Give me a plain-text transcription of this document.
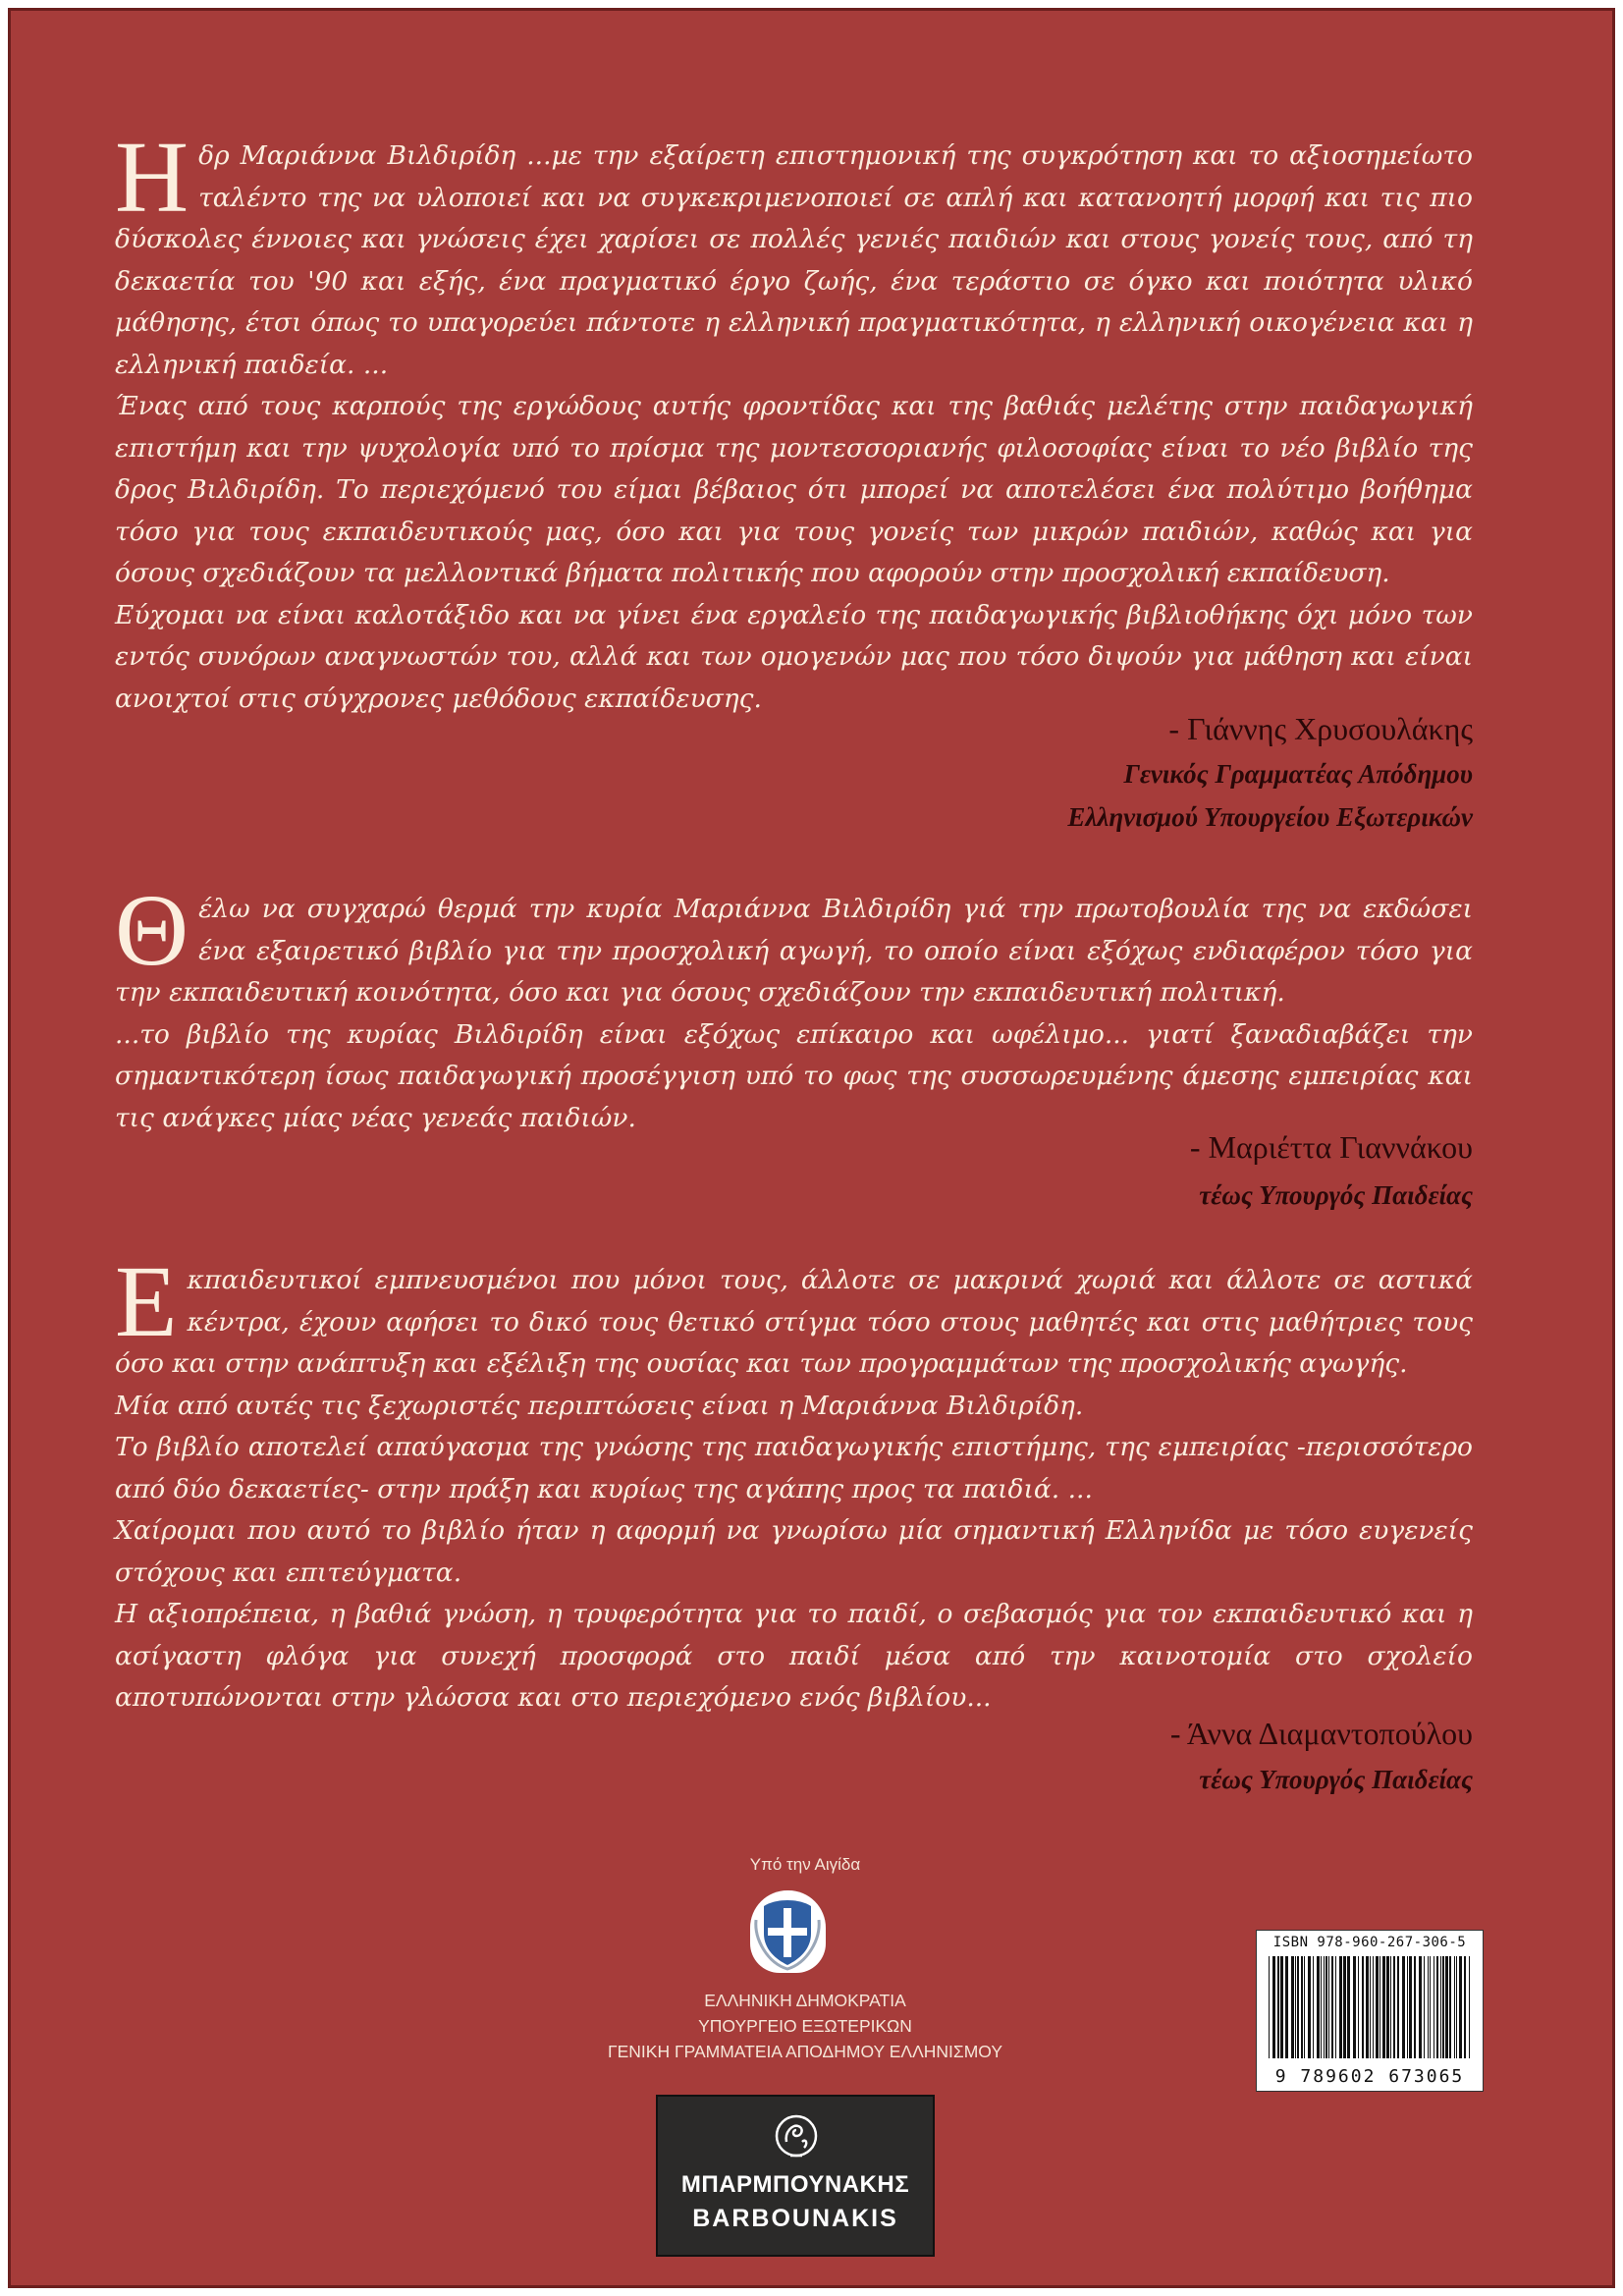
Η δρ Μαριάννα Βιλδιρίδη ...με την εξαίρετη επιστημονική της συγκρότηση και το αξιοσημείωτο ταλέντο της να υλοποιεί και να συγκεκριμενοποιεί σε απλή και κατανοητή μορφή και τις πιο δύσκολες έννοιες και γνώσεις έχει χαρίσει σε πολλές γενιές παιδιών και στους γονείς τους, από τη δεκαετία του '90 και εξής, ένα πραγματικό έργο ζωής, ένα τεράστιο σε όγκο και ποιότητα υλικό μάθησης, έτσι όπως το υπαγορεύει πάντοτε η ελληνική πραγματικότητα, η ελληνική οικογένεια και η ελληνική παιδεία. ...

Ένας από τους καρπούς της εργώδους αυτής φροντίδας και της βαθιάς μελέτης στην παιδαγωγική επιστήμη και την ψυχολογία υπό το πρίσμα της μοντεσσοριανής φιλοσοφίας είναι το νέο βιβλίο της δρος Βιλδιρίδη. Το περιεχόμενό του είμαι βέβαιος ότι μπορεί να αποτελέσει ένα πολύτιμο βοήθημα τόσο για τους εκπαιδευτικούς μας, όσο και για τους γονείς των μικρών παιδιών, καθώς και για όσους σχεδιάζουν τα μελλοντικά βήματα πολιτικής που αφορούν στην προσχολική εκπαίδευση.

Εύχομαι να είναι καλοτάξιδο και να γίνει ένα εργαλείο της παιδαγωγικής βιβλιοθήκης όχι μόνο των εντός συνόρων αναγνωστών του, αλλά και των ομογενών μας που τόσο διψούν για μάθηση και είναι ανοιχτοί στις σύγχρονες μεθόδους εκπαίδευσης.

- Γιάννης Χρυσουλάκης
Γενικός Γραμματέας Απόδημου
Ελληνισμού Υπουργείου Εξωτερικών
Θ έλω να συγχαρώ θερμά την κυρία Μαριάννα Βιλδιρίδη γιά την πρωτοβουλία της να εκδώσει ένα εξαιρετικό βιβλίο για την προσχολική αγωγή, το οποίο είναι εξόχως ενδιαφέρον τόσο για την εκπαιδευτική κοινότητα, όσο και για όσους σχεδιάζουν την εκπαιδευτική πολιτική.

...το βιβλίο της κυρίας Βιλδιρίδη είναι εξόχως επίκαιρο και ωφέλιμο... γιατί ξαναδιαβάζει την σημαντικότερη ίσως παιδαγωγική προσέγγιση υπό το φως της συσσωρευμένης άμεσης εμπειρίας και τις ανάγκες μίας νέας γενεάς παιδιών.

- Μαριέττα Γιαννάκου
τέως Υπουργός Παιδείας
Ε κπαιδευτικοί εμπνευσμένοι που μόνοι τους, άλλοτε σε μακρινά χωριά και άλλοτε σε αστικά κέντρα, έχουν αφήσει το δικό τους θετικό στίγμα τόσο στους μαθητές και στις μαθήτριες τους όσο και στην ανάπτυξη και εξέλιξη της ουσίας και των προγραμμάτων της προσχολικής αγωγής.

Μία από αυτές τις ξεχωριστές περιπτώσεις είναι η Μαριάννα Βιλδιρίδη.

Το βιβλίο αποτελεί απαύγασμα της γνώσης της παιδαγωγικής επιστήμης, της εμπειρίας -περισσότερο από δύο δεκαετίες- στην πράξη και κυρίως της αγάπης προς τα παιδιά. ...

Χαίρομαι που αυτό το βιβλίο ήταν η αφορμή να γνωρίσω μία σημαντική Ελληνίδα με τόσο ευγενείς στόχους και επιτεύγματα.

Η αξιοπρέπεια, η βαθιά γνώση, η τρυφερότητα για το παιδί, ο σεβασμός για τον εκπαιδευτικό και η ασίγαστη φλόγα για συνεχή προσφορά στο παιδί μέσα από την καινοτομία στο σχολείο αποτυπώνονται στην γλώσσα και στο περιεχόμενο ενός βιβλίου...

- Άννα Διαμαντοπούλου
τέως Υπουργός Παιδείας
Υπό την Αιγίδα
ΕΛΛΗΝΙΚΗ ΔΗΜΟΚΡΑΤΙΑ
ΥΠΟΥΡΓΕΙΟ ΕΞΩΤΕΡΙΚΩΝ
ΓΕΝΙΚΗ ΓΡΑΜΜΑΤΕΙΑ ΑΠΟΔΗΜΟΥ ΕΛΛΗΝΙΣΜΟΥ
ISBN 978-960-267-306-5
9 789602 673065
ΜΠΑΡΜΠΟΥΝΑΚΗΣ
BARBOUNAKIS
